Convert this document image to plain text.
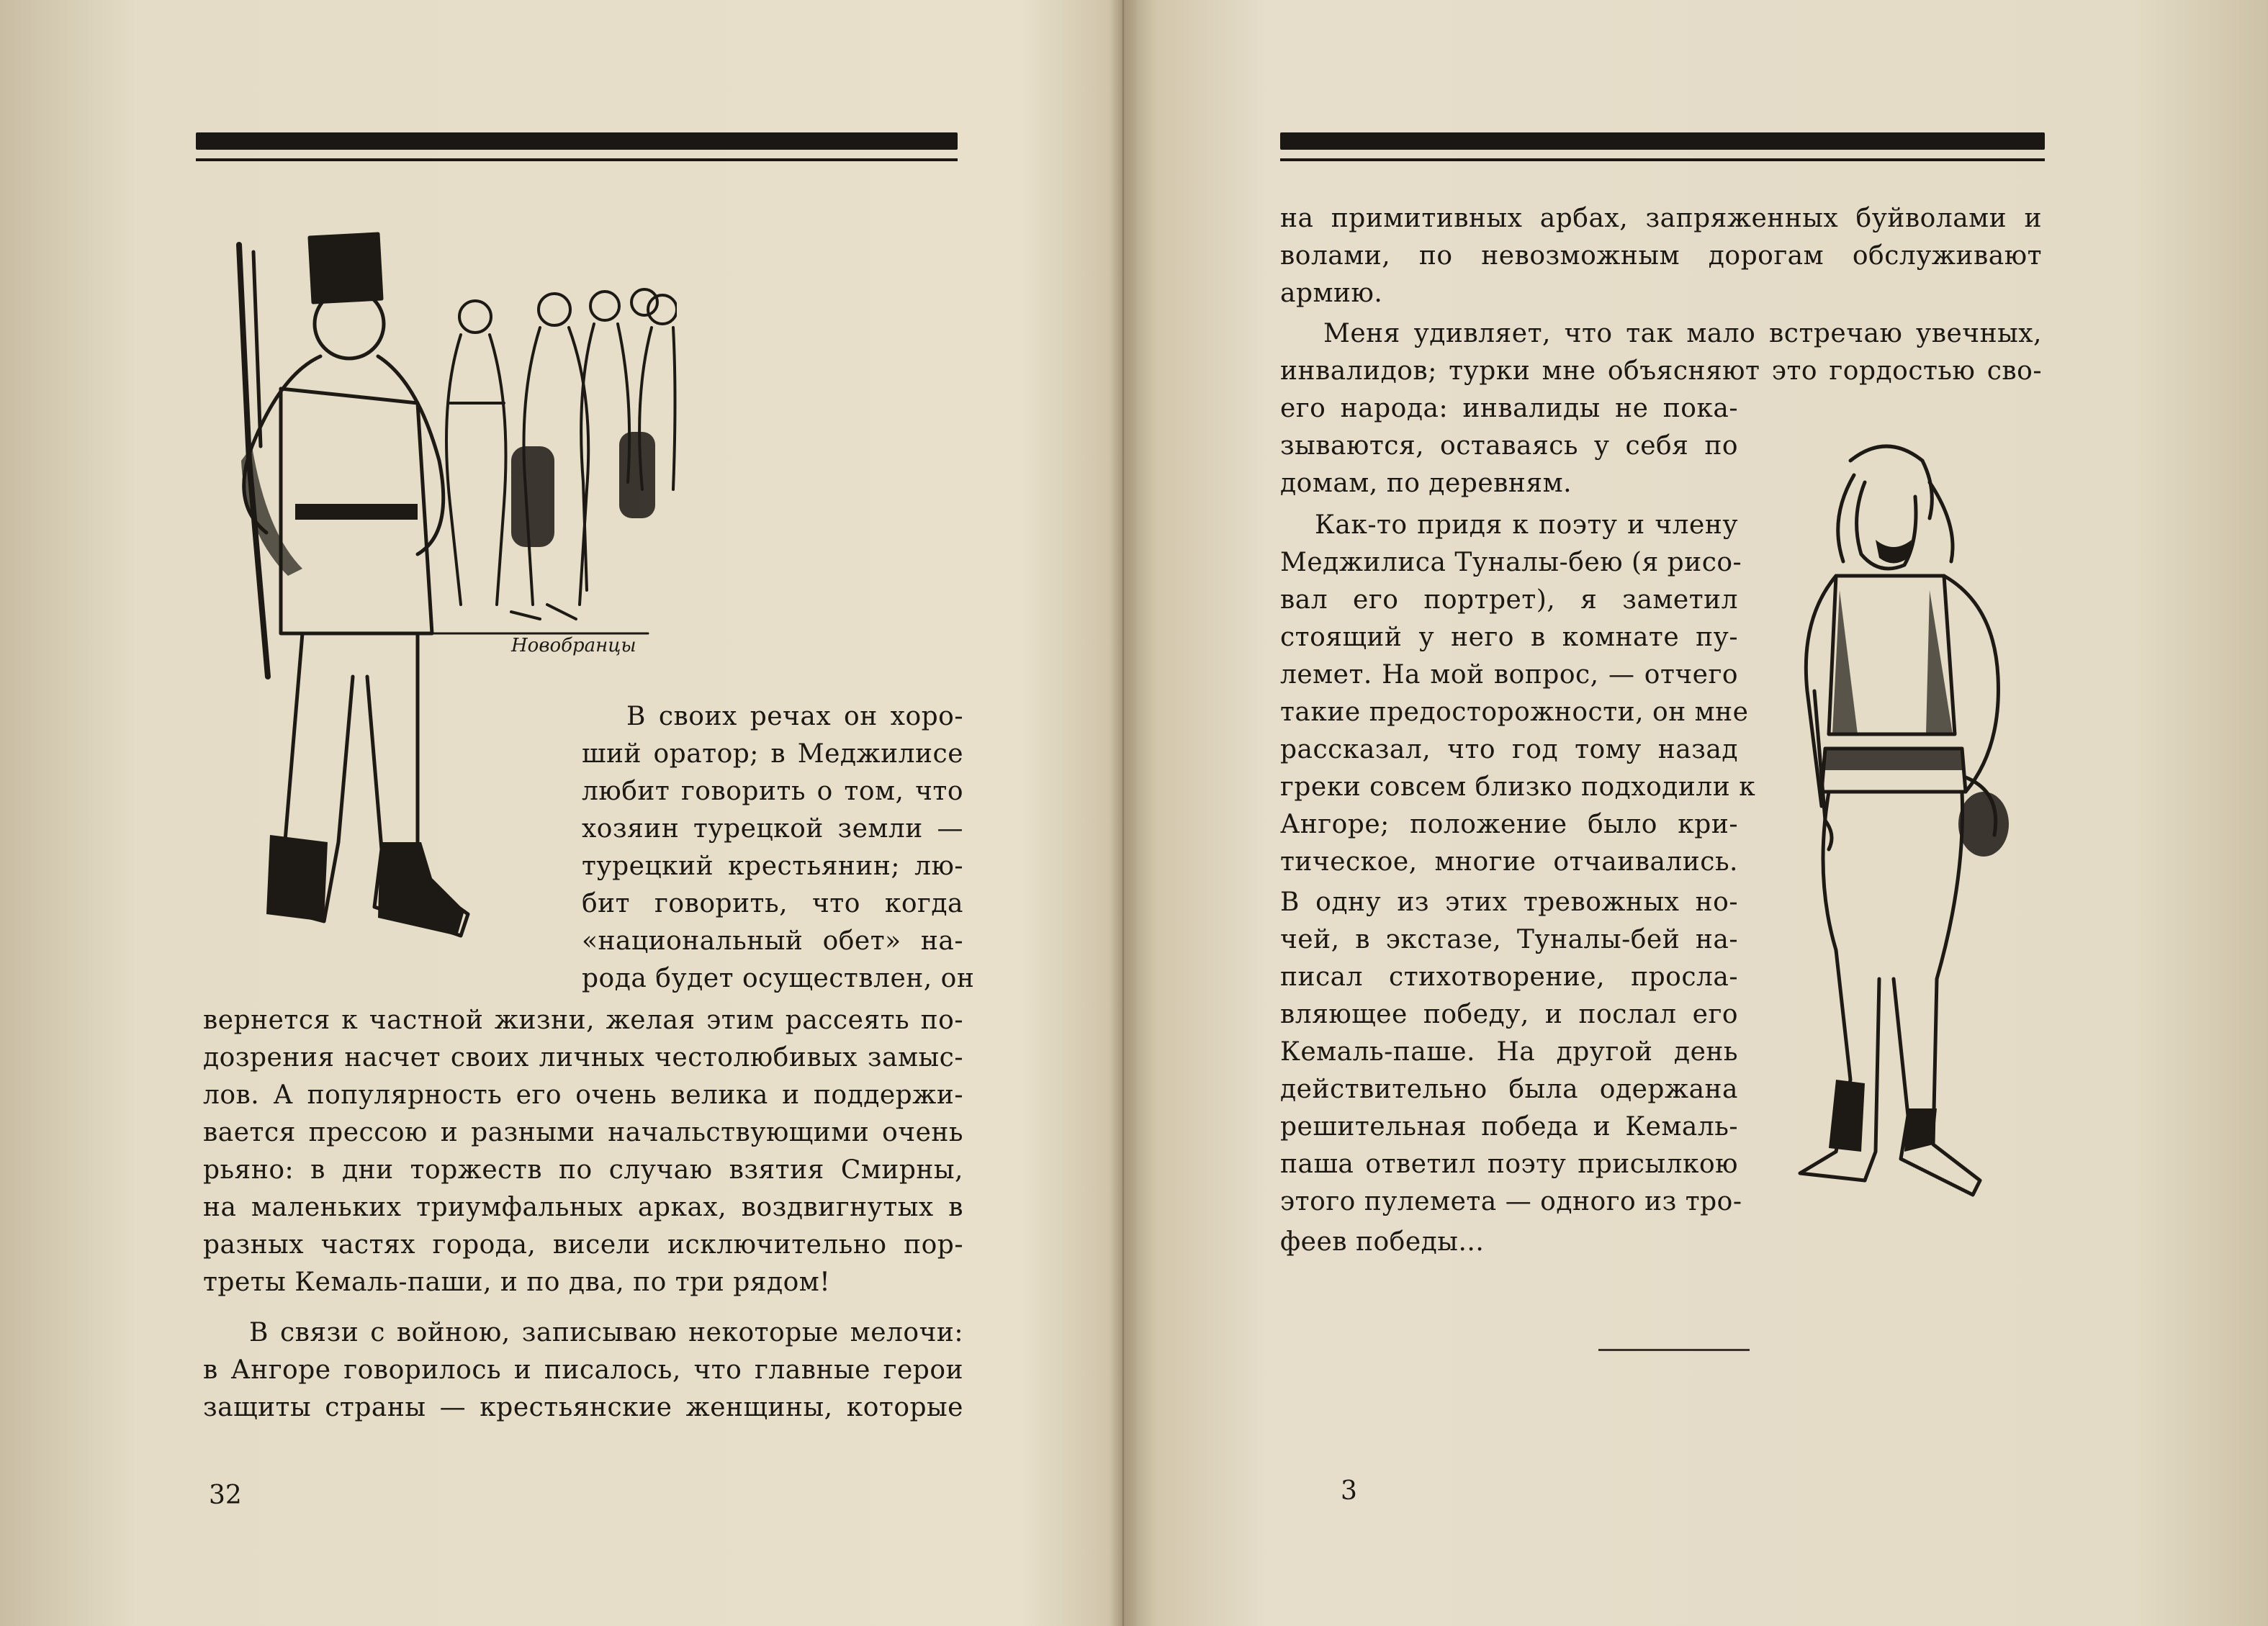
Новобранцы

В своих речах он хоро-

ший оратор; в Меджилисе

любит говорить о том, что

хозяин турецкой земли —

турецкий крестьянин; лю-

бит говорить, что когда

«национальный обет» на-

рода будет осуществлен, он

вернется к частной жизни, желая этим рассеять по-

дозрения насчет своих личных честолюбивых замыс-

лов. А популярность его очень велика и поддержи-

вается прессою и разными начальствующими очень

рьяно: в дни торжеств по случаю взятия Смирны,

на маленьких триумфальных арках, воздвигнутых в

разных частях города, висели исключительно пор-

треты Кемаль-паши, и по два, по три рядом!

В связи с войною, записываю некоторые мелочи:

в Ангоре говорилось и писалось, что главные герои

защиты страны — крестьянские женщины, которые

32

на примитивных арбах, запряженных буйволами и

волами, по невозможным дорогам обслуживают

армию.

Меня удивляет, что так мало встречаю увечных,

инвалидов; турки мне объясняют это гордостью сво-

его народа: инвалиды не пока-

зываются, оставаясь у себя по

домам, по деревням.

Как-то придя к поэту и члену

Меджилиса Туналы-бею (я рисо-

вал его портрет), я заметил

стоящий у него в комнате пу-

лемет. На мой вопрос, — отчего

такие предосторожности, он мне

рассказал, что год тому назад

греки совсем близко подходили к

Ангоре; положение было кри-

тическое, многие отчаивались.

В одну из этих тревожных но-

чей, в экстазе, Туналы-бей на-

писал стихотворение, просла-

вляющее победу, и послал его

Кемаль-паше. На другой день

действительно была одержана

решительная победа и Кемаль-

паша ответил поэту присылкою

этого пулемета — одного из тро-

феев победы...

3
